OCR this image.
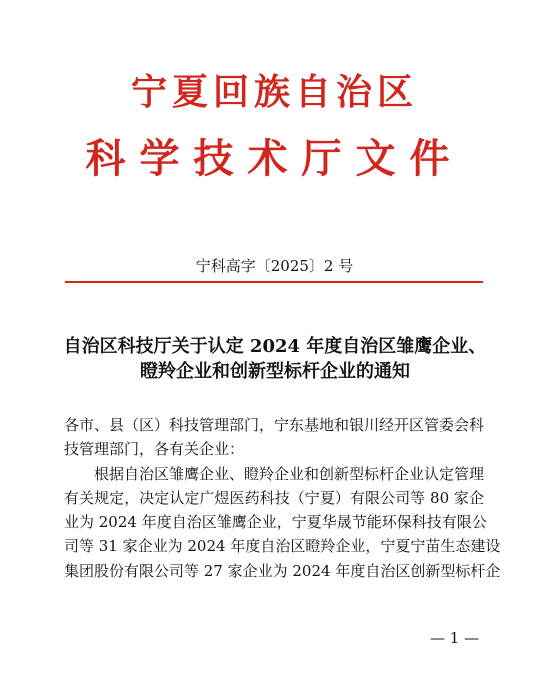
宁夏回族自治区
科学技术厅文件
宁科高字〔2025〕2 号
自治区科技厅关于认定 2024 年度自治区雏鹰企业、
瞪羚企业和创新型标杆企业的通知
各市、县（区）科技管理部门，宁东基地和银川经开区管委会科
技管理部门，各有关企业：
根据自治区雏鹰企业、瞪羚企业和创新型标杆企业认定管理
有关规定，决定认定广煜医药科技（宁夏）有限公司等 80 家企
业为 2024 年度自治区雏鹰企业，宁夏华晟节能环保科技有限公
司等 31 家企业为 2024 年度自治区瞪羚企业，宁夏宁苗生态建设
集团股份有限公司等 27 家企业为 2024 年度自治区创新型标杆企
— 1 —
